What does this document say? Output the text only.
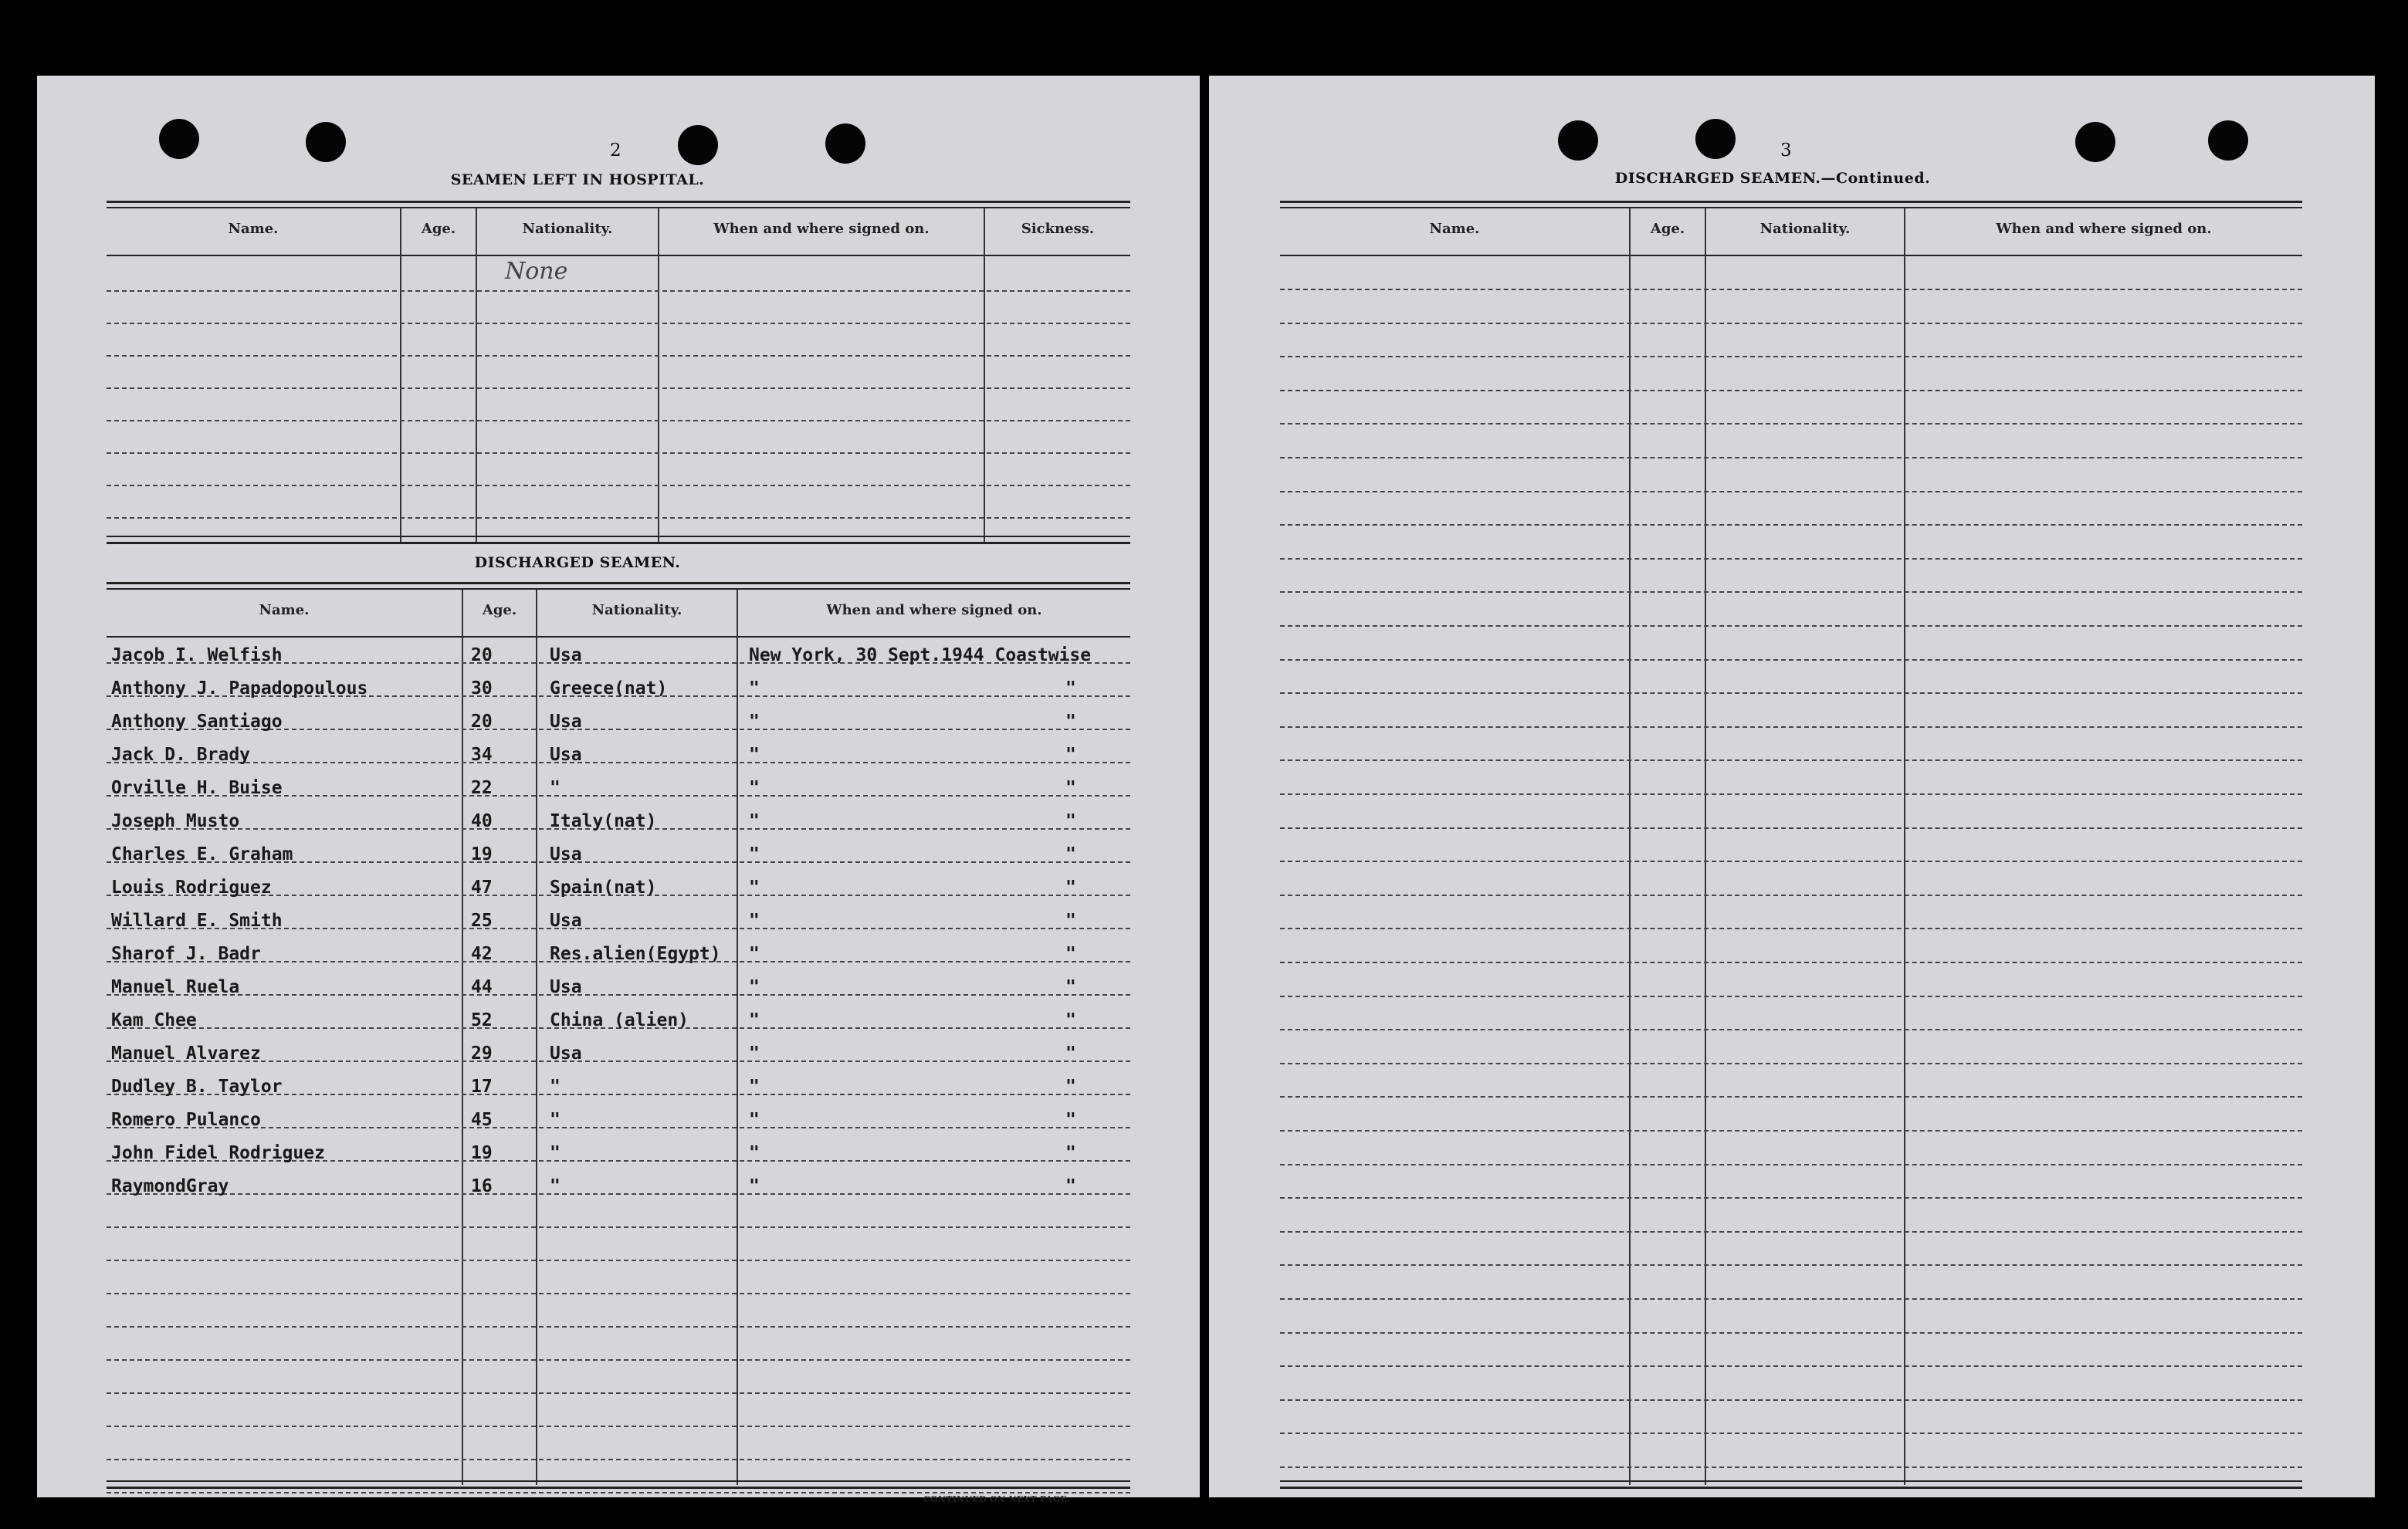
2
SEAMEN LEFT IN HOSPITAL.
Name.	Age.	Nationality.	When and where signed on.	Sickness.
None
DISCHARGED SEAMEN.
Name.	Age.	Nationality.	When and where signed on.
Jacob I. Welfish	20	Usa	New York, 30 Sept.1944 Coastwise
Anthony J. Papadopoulous	30	Greece(nat)	"	"
Anthony Santiago	20	Usa	"	"
Jack D. Brady	34	Usa	"	"
Orville H. Buise	22	"	"	"
Joseph Musto	40	Italy(nat)	"	"
Charles E. Graham	19	Usa	"	"
Louis Rodriguez	47	Spain(nat)	"	"
Willard E. Smith	25	Usa	"	"
Sharof J. Badr	42	Res.alien(Egypt) "	"
Manuel Ruela	44	Usa	"	"
Kam Chee	52	China (alien)	"	"
Manuel Alvarez	29	Usa	"	"
Dudley B. Taylor	17	"	"	"
Romero Pulanco	45	"	"	"
John Fidel Rodriguez	19	"	"	"
RaymondGray	16	"	"	"
CONTINUED ON NEXT PAGE.
3
DISCHARGED SEAMEN.—Continued.
Name.	Age.	Nationality.	When and where signed on.
